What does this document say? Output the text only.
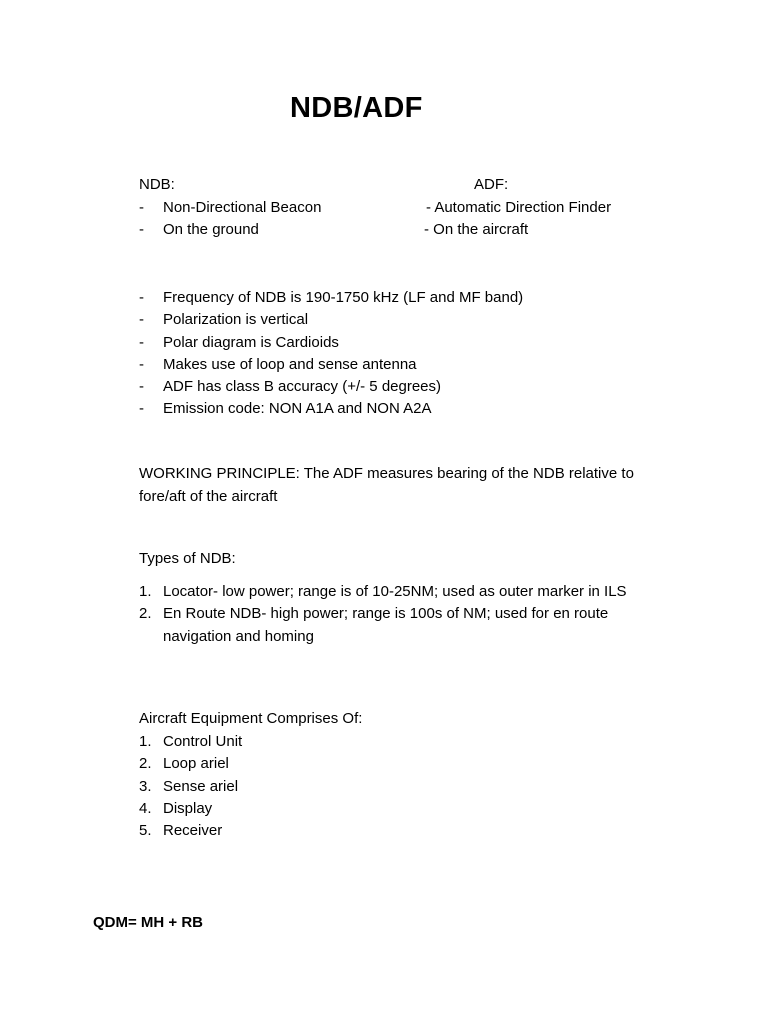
NDB/ADF
NDB:	ADF:
- Non-Directional Beacon	- Automatic Direction Finder
- On the ground	- On the aircraft
- Frequency of NDB is 190-1750 kHz (LF and MF band)
- Polarization is vertical
- Polar diagram is Cardioids
- Makes use of loop and sense antenna
- ADF has class B accuracy (+/- 5 degrees)
- Emission code: NON A1A and NON A2A
WORKING PRINCIPLE: The ADF measures bearing of the NDB relative to fore/aft of the aircraft
Types of NDB:
1. Locator- low power; range is of 10-25NM; used as outer marker in ILS
2. En Route NDB- high power; range is 100s of NM; used for en route
navigation and homing
Aircraft Equipment Comprises Of:
1. Control Unit
2. Loop ariel
3. Sense ariel
4. Display
5. Receiver
QDM= MH + RB
